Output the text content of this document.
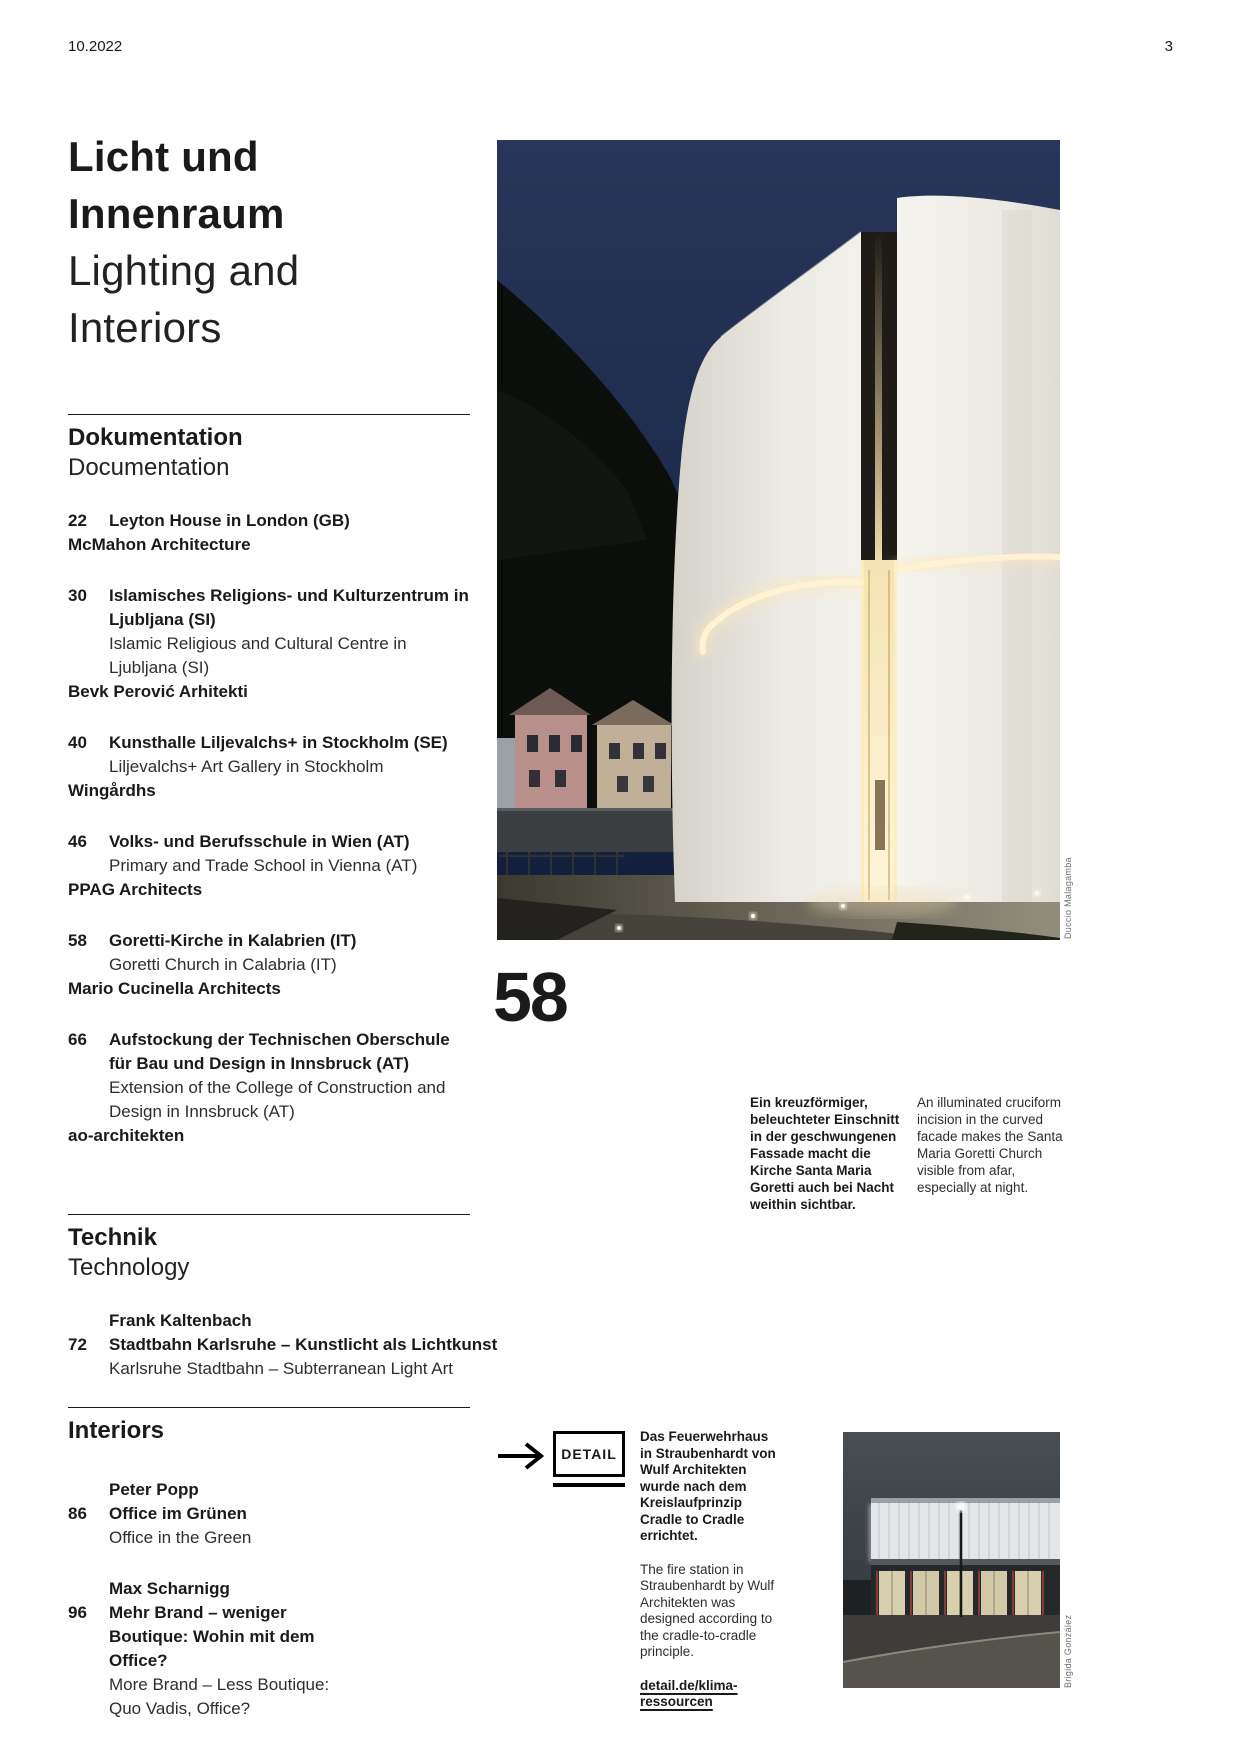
10.2022	3
Licht und Innenraum
Lighting and Interiors
Dokumentation
Documentation
22	Leyton House in London (GB)
McMahon Architecture
30	Islamisches Religions- und Kulturzentrum in Ljubljana (SI)
Islamic Religious and Cultural Centre in Ljubljana (SI)
Bevk Perović Arhitekti
40	Kunsthalle Liljevalchs+ in Stockholm (SE)
Liljevalchs+ Art Gallery in Stockholm
Wingårdhs
46	Volks- und Berufsschule in Wien (AT)
Primary and Trade School in Vienna (AT)
PPAG Architects
58	Goretti-Kirche in Kalabrien (IT)
Goretti Church in Calabria (IT)
Mario Cucinella Architects
66	Aufstockung der Technischen Oberschule für Bau und Design in Innsbruck (AT)
Extension of the College of Construction and Design in Innsbruck (AT)
ao-architekten
Technik
Technology
Frank Kaltenbach
72	Stadtbahn Karlsruhe – Kunstlicht als Lichtkunst
Karlsruhe Stadtbahn – Subterranean Light Art
Interiors
Peter Popp
86	Office im Grünen
Office in the Green
Max Scharnigg
96	Mehr Brand – weniger Boutique: Wohin mit dem Office?
More Brand – Less Boutique: Quo Vadis, Office?
Duccio Malagamba
58
Ein kreuzförmiger, beleuchteter Einschnitt in der geschwungenen Fassade macht die Kirche Santa Maria Goretti auch bei Nacht weithin sichtbar.
An illuminated cruciform incision in the curved facade makes the Santa Maria Goretti Church visible from afar, especially at night.
DETAIL
Das Feuerwehrhaus in Straubenhardt von Wulf Architekten wurde nach dem Kreislaufprinzip Cradle to Cradle errichtet.
The fire station in Straubenhardt by Wulf Architekten was designed according to the cradle-to-cradle principle.
detail.de/klima-ressourcen
Brigida González
